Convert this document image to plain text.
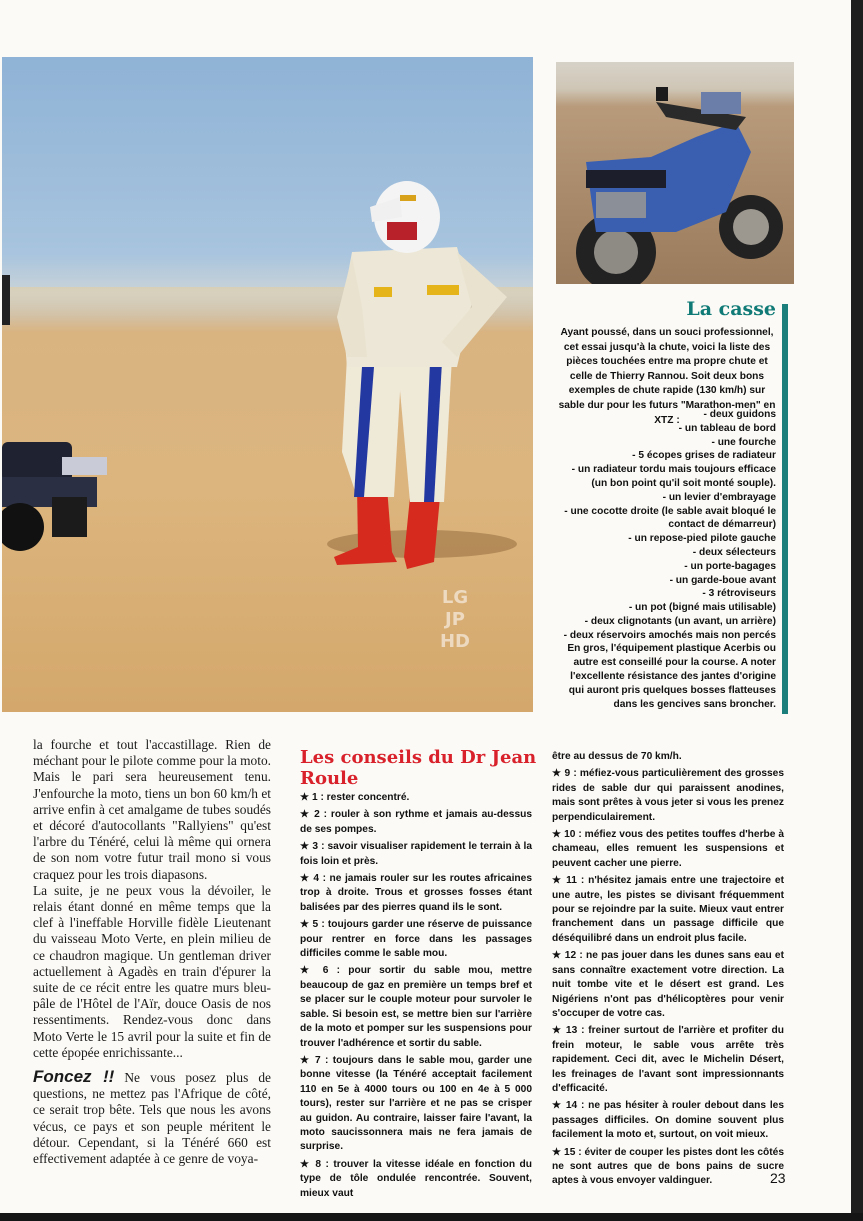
LG
JP
HD
La casse
Ayant poussé, dans un souci professionnel, cet essai jusqu'à la chute, voici la liste des pièces touchées entre ma propre chute et celle de Thierry Rannou. Soit deux bons exemples de chute rapide (130 km/h) sur sable dur pour les futurs "Marathon-men" en XTZ :
- deux guidons
- un tableau de bord
- une fourche
- 5 écopes grises de radiateur
- un radiateur tordu mais toujours efficace (un bon point qu'il soit monté souple).
- un levier d'embrayage
- une cocotte droite (le sable avait bloqué le contact de démarreur)
- un repose-pied pilote gauche
- deux sélecteurs
- un porte-bagages
- un garde-boue avant
- 3 rétroviseurs
- un pot (bigné mais utilisable)
- deux clignotants (un avant, un arrière)
- deux réservoirs amochés mais non percés
En gros, l'équipement plastique Acerbis ou autre est conseillé pour la course. A noter l'excellente résistance des jantes d'origine qui auront pris quelques bosses flatteuses dans les gencives sans broncher.

la fourche et tout l'accastillage. Rien de méchant pour le pilote comme pour la moto.

Mais le pari sera heureusement tenu. J'enfourche la moto, tiens un bon 60 km/h et arrive enfin à cet amalgame de tubes soudés et décoré d'autocollants "Rallyiens" qu'est l'arbre du Ténéré, celui là même qui ornera de son nom votre futur trail mono si vous craquez pour les trois diapasons.

La suite, je ne peux vous la dévoiler, le relais étant donné en même temps que la clef à l'ineffable Horville fidèle Lieutenant du vaisseau Moto Verte, en plein milieu de ce chaudron magique. Un gentleman driver actuellement à Agadès en train d'épurer la suite de ce récit entre les quatre murs bleu-pâle de l'Hôtel de l'Aïr, douce Oasis de nos ressentiments. Rendez-vous donc dans Moto Verte le 15 avril pour la suite et fin de cette épopée enrichissante...

Foncez !! Ne vous posez plus de questions, ne mettez pas l'Afrique de côté, ce serait trop bête. Tels que nous les avons vécus, ce pays et son peuple méritent le détour. Cependant, si la Ténéré 660 est effectivement adaptée à ce genre de voya-

Les conseils du Dr Jean Roule

★ 1 : rester concentré.

★ 2 : rouler à son rythme et jamais au-dessus de ses pompes.

★ 3 : savoir visualiser rapidement le terrain à la fois loin et près.

★ 4 : ne jamais rouler sur les routes africaines trop à droite. Trous et grosses fosses étant balisées par des pierres quand ils le sont.

★ 5 : toujours garder une réserve de puissance pour rentrer en force dans les passages difficiles comme le sable mou.

★ 6 : pour sortir du sable mou, mettre beaucoup de gaz en première un temps bref et se placer sur le couple moteur pour survoler le sable. Si besoin est, se mettre bien sur l'arrière de la moto et pomper sur les suspensions pour trouver l'adhérence et sortir du sable.

★ 7 : toujours dans le sable mou, garder une bonne vitesse (la Ténéré acceptait facilement 110 en 5e à 4000 tours ou 100 en 4e à 5 000 tours), rester sur l'arrière et ne pas se crisper au guidon. Au contraire, laisser faire l'avant, la moto saucissonnera mais ne fera jamais de surprise.

★ 8 : trouver la vitesse idéale en fonction du type de tôle ondulée rencontrée. Souvent, mieux vaut

être au dessus de 70 km/h.

★ 9 : méfiez-vous particulièrement des grosses rides de sable dur qui paraissent anodines, mais sont prêtes à vous jeter si vous les prenez perpendiculairement.

★ 10 : méfiez vous des petites touffes d'herbe à chameau, elles remuent les suspensions et peuvent cacher une pierre.

★ 11 : n'hésitez jamais entre une trajectoire et une autre, les pistes se divisant fréquemment pour se rejoindre par la suite. Mieux vaut entrer franchement dans un passage difficile que déséquilibré dans un endroit plus facile.

★ 12 : ne pas jouer dans les dunes sans eau et sans connaître exactement votre direction. La nuit tombe vite et le désert est grand. Les Nigériens n'ont pas d'hélicoptères pour venir s'occuper de votre cas.

★ 13 : freiner surtout de l'arrière et profiter du frein moteur, le sable vous arrête très rapidement. Ceci dit, avec le Michelin Désert, les freinages de l'avant sont impressionnants d'efficacité.

★ 14 : ne pas hésiter à rouler debout dans les passages difficiles. On domine souvent plus facilement la moto et, surtout, on voit mieux.

★ 15 : éviter de couper les pistes dont les côtés ne sont autres que de bons pains de sucre aptes à vous envoyer valdinguer.	23
